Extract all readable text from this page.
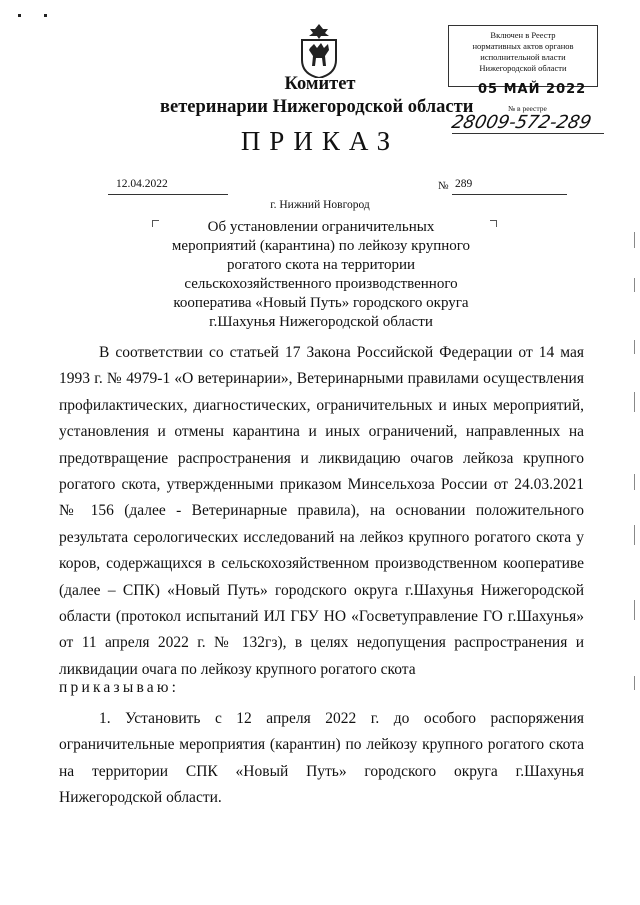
Комитет
ветеринарии Нижегородской области
ПРИКАЗ
Включен в Реестр
нормативных актов органов
исполнительной власти
Нижегородской области
05 МАЙ 2022
№ в реестре
28009-572-289
12.04.2022	№ 289
г. Нижний Новгород
Об установлении ограничительных мероприятий (карантина) по лейкозу крупного рогатого скота на территории сельскохозяйственного производственного кооператива «Новый Путь» городского округа г.Шахунья Нижегородской области
В соответствии со статьей 17 Закона Российской Федерации от 14 мая 1993 г. № 4979-1 «О ветеринарии», Ветеринарными правилами осуществления профилактических, диагностических, ограничительных и иных мероприятий, установления и отмены карантина и иных ограничений, направленных на предотвращение распространения и ликвидацию очагов лейкоза крупного рогатого скота, утвержденными приказом Минсельхоза России от 24.03.2021 № 156 (далее - Ветеринарные правила), на основании положительного результата серологических исследований на лейкоз крупного рогатого скота у коров, содержащихся в сельскохозяйственном производственном кооперативе (далее – СПК) «Новый Путь» городского округа г.Шахунья Нижегородской области (протокол испытаний ИЛ ГБУ НО «Госветуправление ГО г.Шахунья» от 11 апреля 2022 г. № 132гз), в целях недопущения распространения и ликвидации очага по лейкозу крупного рогатого скота
приказываю:
1. Установить с 12 апреля 2022 г. до особого распоряжения ограничительные мероприятия (карантин) по лейкозу крупного рогатого скота на территории СПК «Новый Путь» городского округа г.Шахунья Нижегородской области.
